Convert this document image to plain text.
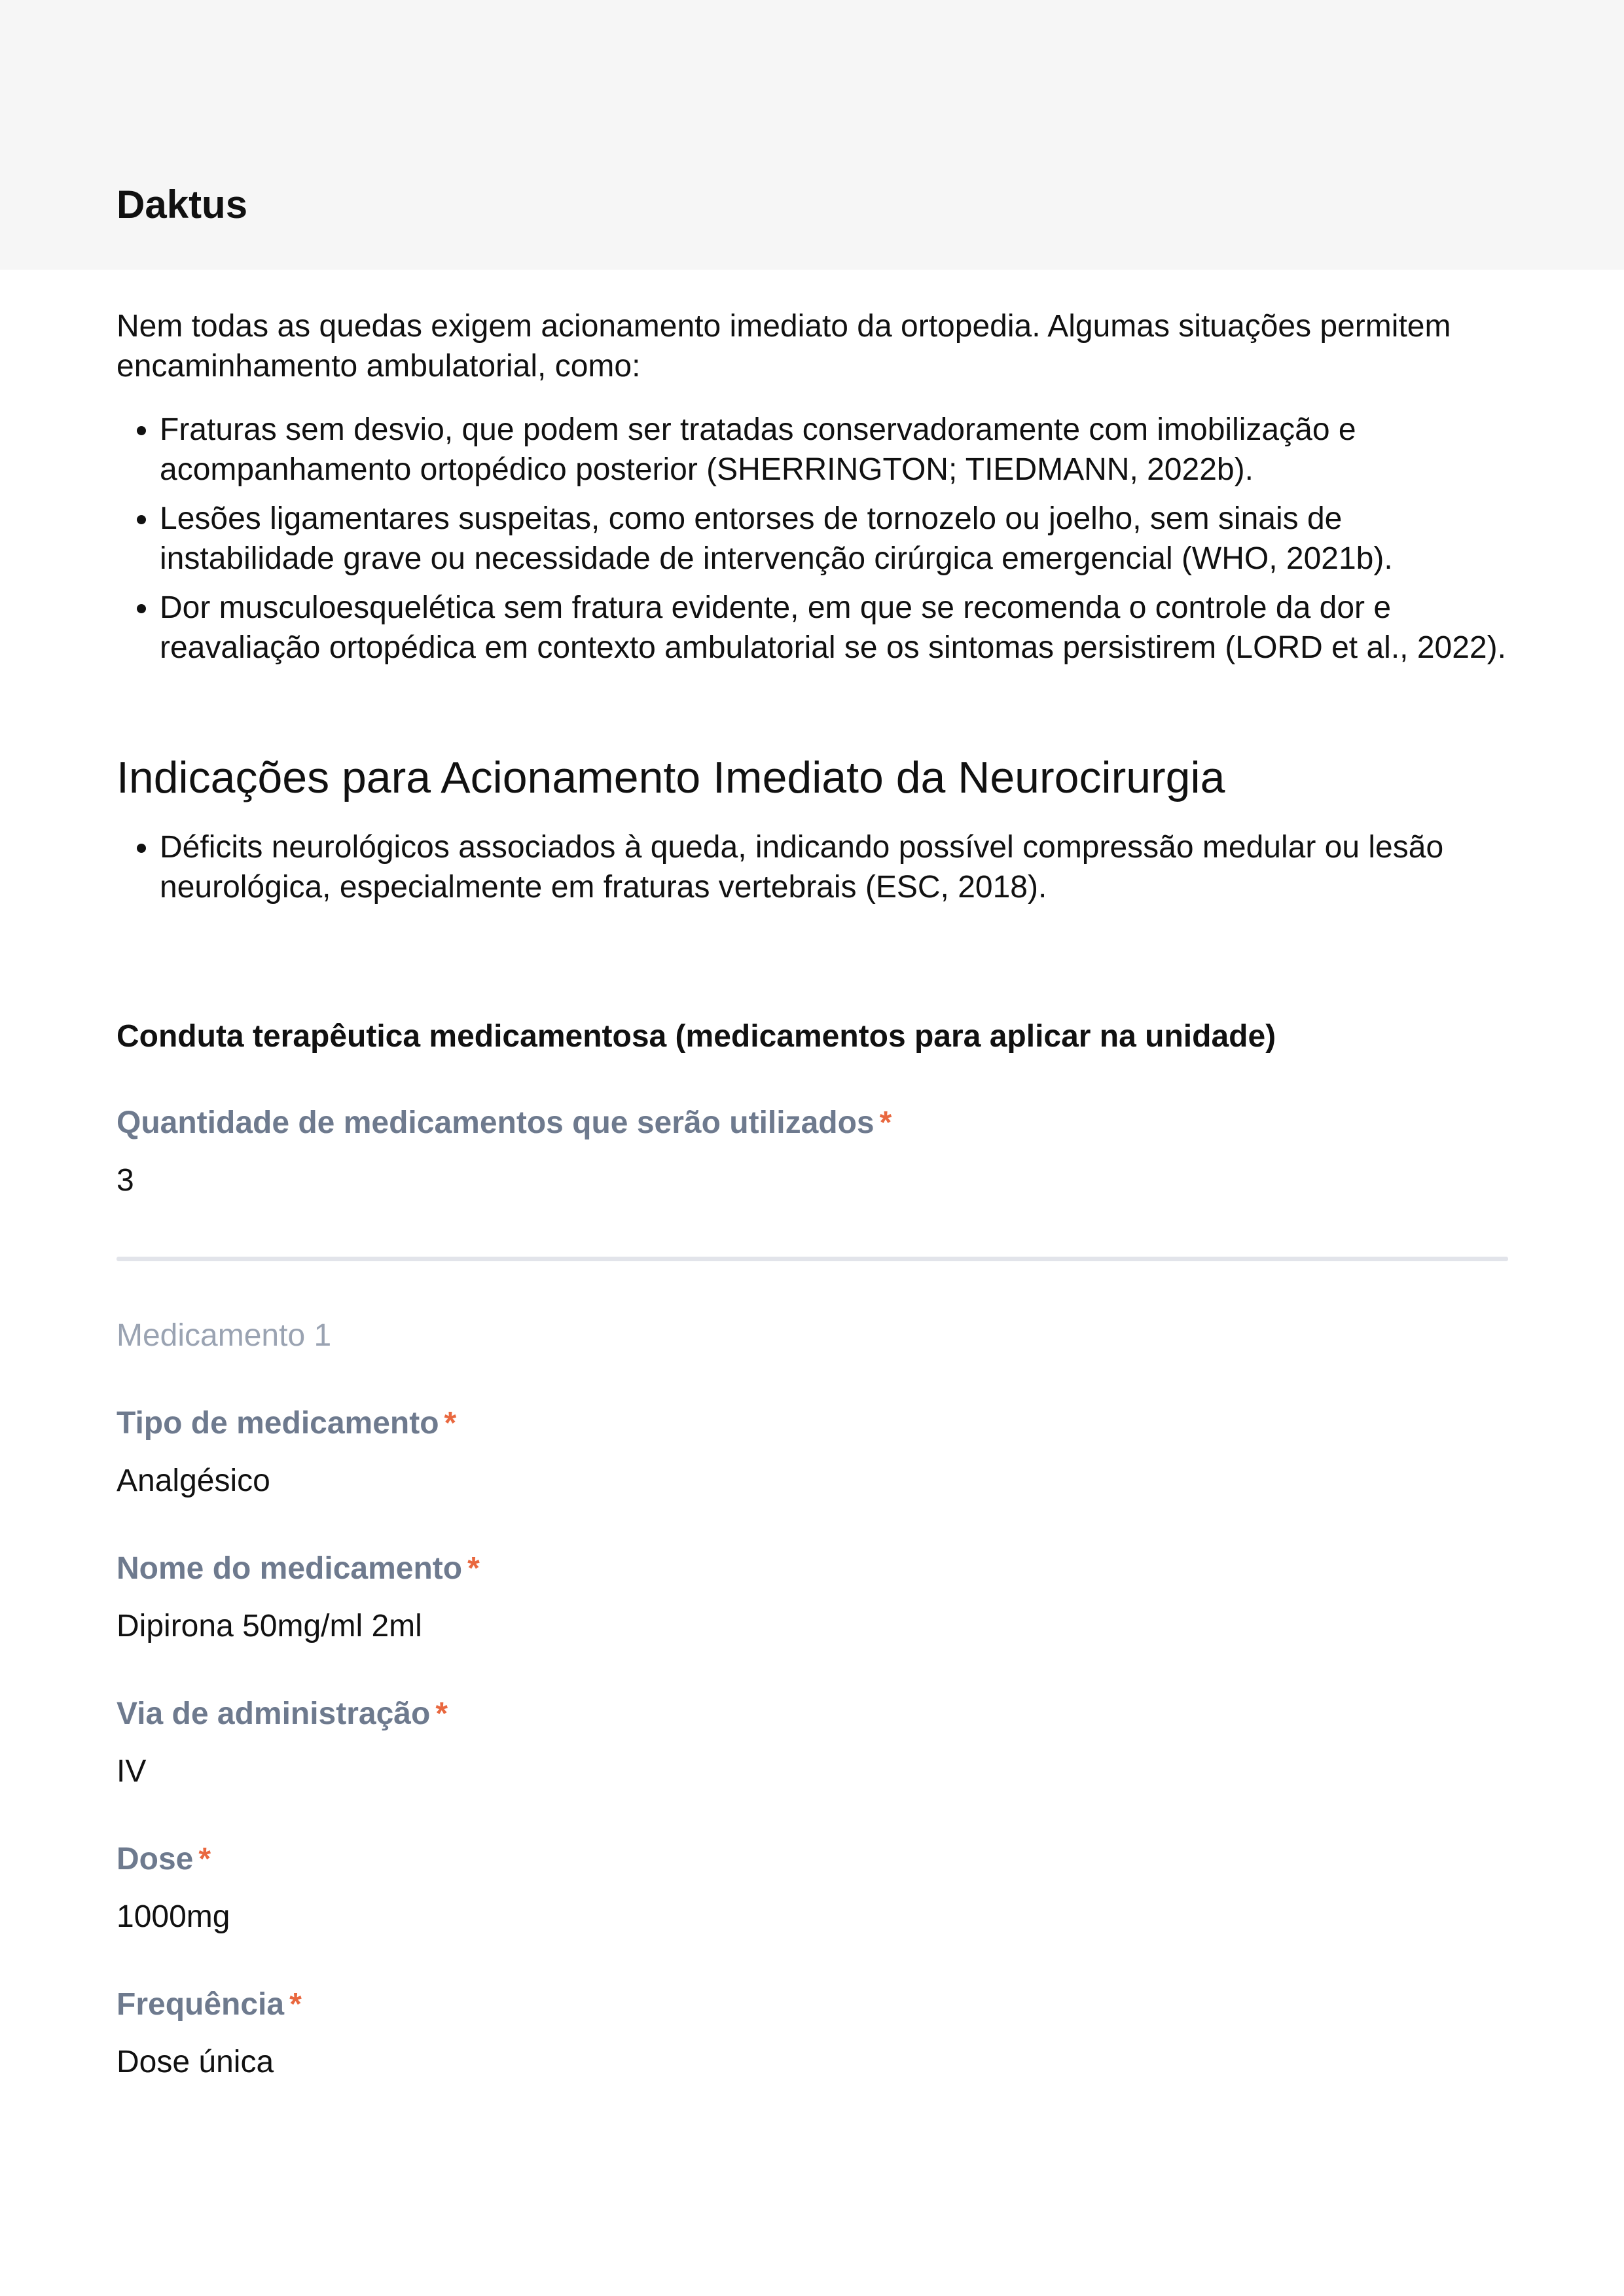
Daktus

Nem todas as quedas exigem acionamento imediato da ortopedia. Algumas situações permitem encaminhamento ambulatorial, como:

• Fraturas sem desvio, que podem ser tratadas conservadoramente com imobilização e acompanhamento ortopédico posterior (SHERRINGTON; TIEDMANN, 2022b).
• Lesões ligamentares suspeitas, como entorses de tornozelo ou joelho, sem sinais de instabilidade grave ou necessidade de intervenção cirúrgica emergencial (WHO, 2021b).
• Dor musculoesquelética sem fratura evidente, em que se recomenda o controle da dor e reavaliação ortopédica em contexto ambulatorial se os sintomas persistirem (LORD et al., 2022).
Indicações para Acionamento Imediato da Neurocirurgia
• Déficits neurológicos associados à queda, indicando possível compressão medular ou lesão neurológica, especialmente em fraturas vertebrais (ESC, 2018).
Conduta terapêutica medicamentosa (medicamentos para aplicar na unidade)
Quantidade de medicamentos que serão utilizados *
3
Medicamento 1
Tipo de medicamento *
Analgésico
Nome do medicamento *
Dipirona 50mg/ml 2ml
Via de administração *
IV
Dose *
1000mg
Frequência *
Dose única
